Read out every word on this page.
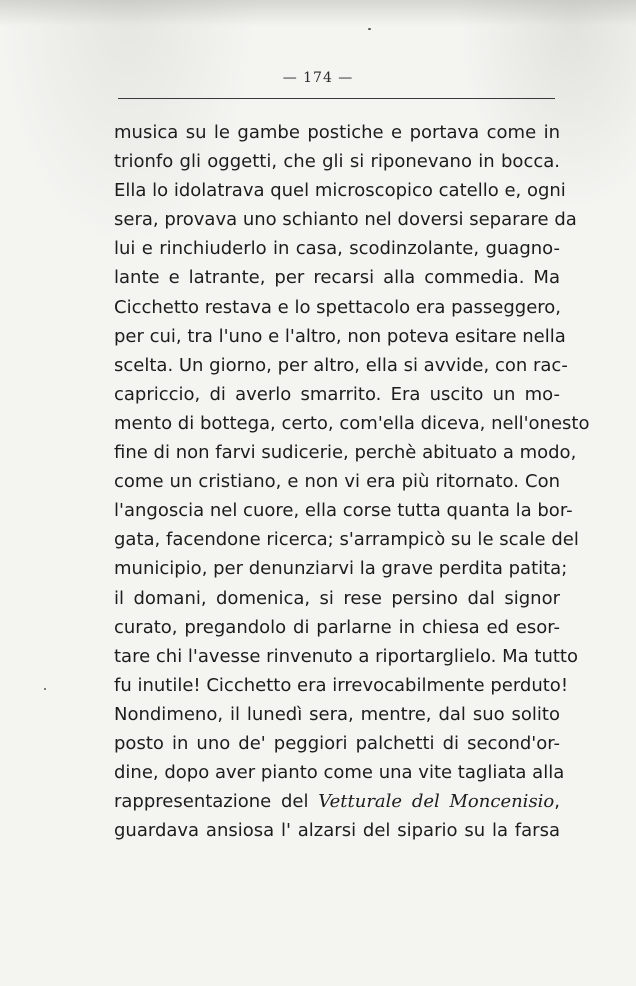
— 174 —
musica su le gambe postiche e portava come in
trionfo gli oggetti, che gli si riponevano in bocca.
Ella lo idolatrava quel microscopico catello e, ogni
sera, provava uno schianto nel doversi separare da
lui e rinchiuderlo in casa, scodinzolante, guagno-
lante e latrante, per recarsi alla commedia. Ma
Cicchetto restava e lo spettacolo era passeggero,
per cui, tra l'uno e l'altro, non poteva esitare nella
scelta. Un giorno, per altro, ella si avvide, con rac-
capriccio, di averlo smarrito. Era uscito un mo-
mento di bottega, certo, com'ella diceva, nell'onesto
fine di non farvi sudicerie, perchè abituato a modo,
come un cristiano, e non vi era più ritornato. Con
l'angoscia nel cuore, ella corse tutta quanta la bor-
gata, facendone ricerca; s'arrampicò su le scale del
municipio, per denunziarvi la grave perdita patita;
il domani, domenica, si rese persino dal signor
curato, pregandolo di parlarne in chiesa ed esor-
tare chi l'avesse rinvenuto a riportarglielo. Ma tutto
fu inutile! Cicchetto era irrevocabilmente perduto!
Nondimeno, il lunedì sera, mentre, dal suo solito
posto in uno de' peggiori palchetti di second'or-
dine, dopo aver pianto come una vite tagliata alla
rappresentazione del Vetturale del Moncenisio,
guardava ansiosa l' alzarsi del sipario su la farsa
